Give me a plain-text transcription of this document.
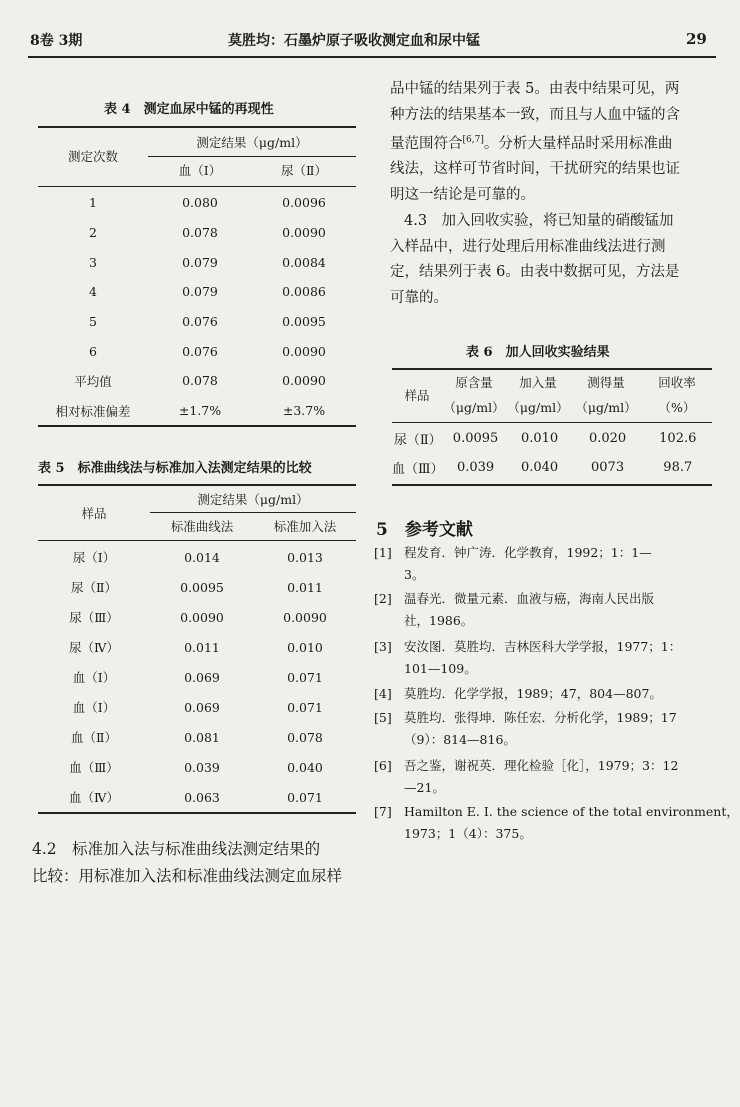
8卷 3期	莫胜均：石墨炉原子吸收测定血和尿中锰	29
表 4　测定血尿中锰的再现性
测定次数	测定结果（μg/ml）	
	血（Ⅰ）	尿（Ⅱ）
1	0.080	0.0096
2	0.078	0.0090
3	0.079	0.0084
4	0.079	0.0086
5	0.076	0.0095
6	0.076	0.0090
平均值	0.078	0.0090
相对标准偏差	±1.7%	±3.7%
表 5　标准曲线法与标准加入法测定结果的比较
样品	测定结果（μg/ml）	
	标准曲线法	标准加入法
尿（Ⅰ）	0.014	0.013
尿（Ⅱ）	0.0095	0.011
尿（Ⅲ）	0.0090	0.0090
尿（Ⅳ）	0.011	0.010
血（Ⅰ）	0.069	0.071
血（Ⅰ）	0.069	0.071
血（Ⅱ）	0.081	0.078
血（Ⅲ）	0.039	0.040
血（Ⅳ）	0.063	0.071
4.2　标准加入法与标准曲线法测定结果的
比较：用标准加入法和标准曲线法测定血尿样
品中锰的结果列于表 5。由表中结果可见，两
种方法的结果基本一致，而且与人血中锰的含
量范围符合[6,7]。分析大量样品时采用标准曲
线法，这样可节省时间，干扰研究的结果也证
明这一结论是可靠的。
4.3　加入回收实验，将已知量的硝酸锰加
入样品中，进行处理后用标准曲线法进行测
定，结果列于表 6。由表中数据可见，方法是
可靠的。
表 6　加人回收实验结果
样品	原含量	加入量	测得量	回收率
	（μg/ml）	（μg/ml）	（μg/ml）	（%）
尿（Ⅱ）	0.0095	0.010	0.020	102.6
血（Ⅲ）	0.039	0.040	0073	98.7
5　参考文献
[1] 程发育．钟广涛．化学教育，1992；1：1—
3。
[2] 温春光．微量元素．血液与癌，海南人民出版
社，1986。
[3] 安汝图．莫胜均．吉林医科大学学报，1977；1：
101—109。
[4] 莫胜均．化学学报，1989；47，804—807。
[5] 莫胜均．张得坤．陈任宏．分析化学，1989；17
（9）：814—816。
[6] 吾之鉴，谢祝英．理化检验［化］，1979；3：12
—21。
[7] Hamilton E. I. the science of the total environment，
1973；1（4）：375。
